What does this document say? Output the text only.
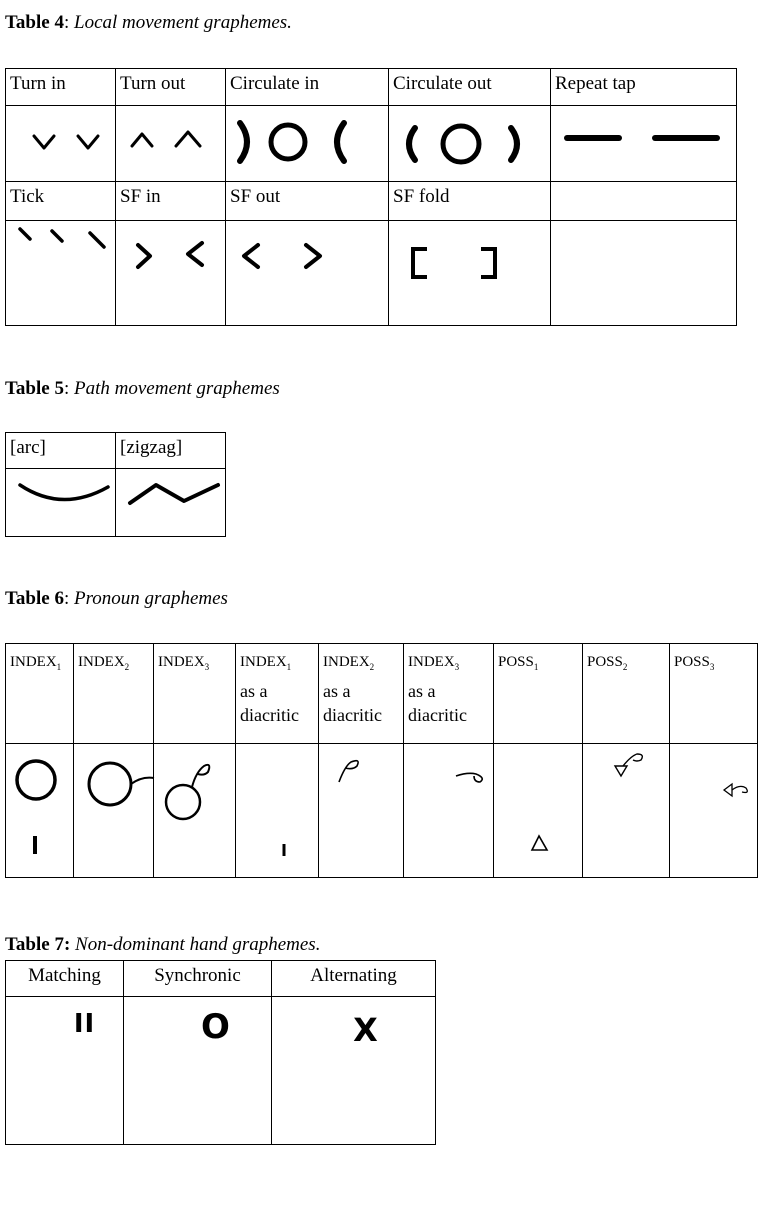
Table 4: Local movement graphemes.
Turn in	Turn out	Circulate in	Circulate out	Repeat tap

Tick	SF in	SF out	SF fold	

Table 5: Path movement graphemes
[arc]	[zigzag]

Table 6: Pronoun graphemes
$INDEX_1$	$INDEX_2$	$INDEX_3$	$INDEX_1$
as a
diacritic	$INDEX_2$
as a
diacritic	$INDEX_3$
as a
diacritic	$POSS_1$	$POSS_2$	$POSS_3$

Table 7: Non-dominant hand graphemes.
Matching	Synchronic	Alternating

II	O	X
